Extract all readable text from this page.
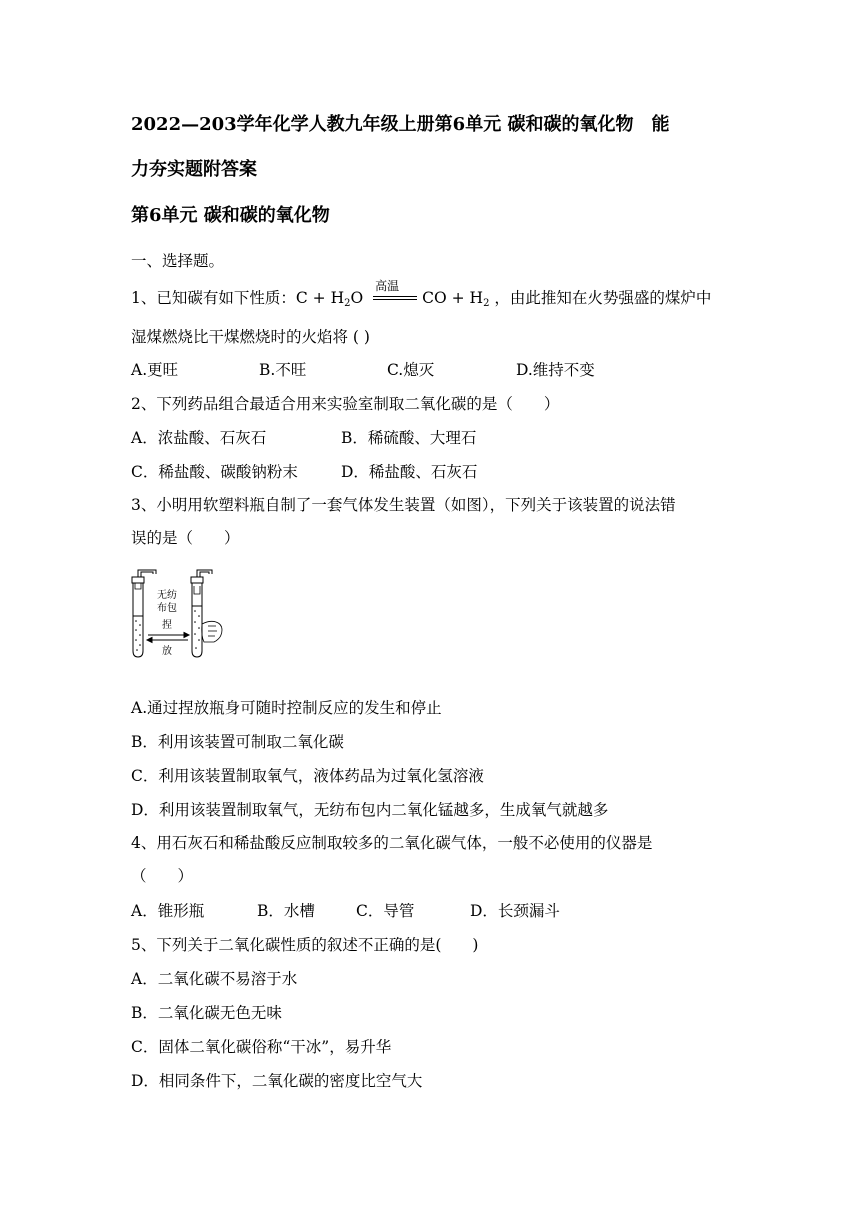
2022—203学年化学人教九年级上册第6单元 碳和碳的氧化物　能
力夯实题附答案
第6单元 碳和碳的氧化物
一、选择题。
1、已知碳有如下性质：$C + H_2O$
高温
CO + $H_2$ ，由此推知在火势强盛的煤炉中
湿煤燃烧比干煤燃烧时的火焰将 ( )
A.更旺	B.不旺	C.熄灭	D.维持不变
2、下列药品组合最适合用来实验室制取二氧化碳的是（　　）
A．浓盐酸、石灰石	B．稀硫酸、大理石
C．稀盐酸、碳酸钠粉末	D．稀盐酸、石灰石
3、小明用软塑料瓶自制了一套气体发生装置（如图），下列关于该装置的说法错
误的是（　　）
无纺
布包
捏
放
A.通过捏放瓶身可随时控制反应的发生和停止
B．利用该装置可制取二氧化碳
C．利用该装置制取氧气，液体药品为过氧化氢溶液
D．利用该装置制取氧气，无纺布包内二氧化锰越多，生成氧气就越多
4、用石灰石和稀盐酸反应制取较多的二氧化碳气体，一般不必使用的仪器是
（　　）
A．锥形瓶	B．水槽	C．导管	D．长颈漏斗
5、下列关于二氧化碳性质的叙述不正确的是(　　)
A．二氧化碳不易溶于水
B．二氧化碳无色无味
C．固体二氧化碳俗称“干冰”，易升华
D．相同条件下，二氧化碳的密度比空气大
